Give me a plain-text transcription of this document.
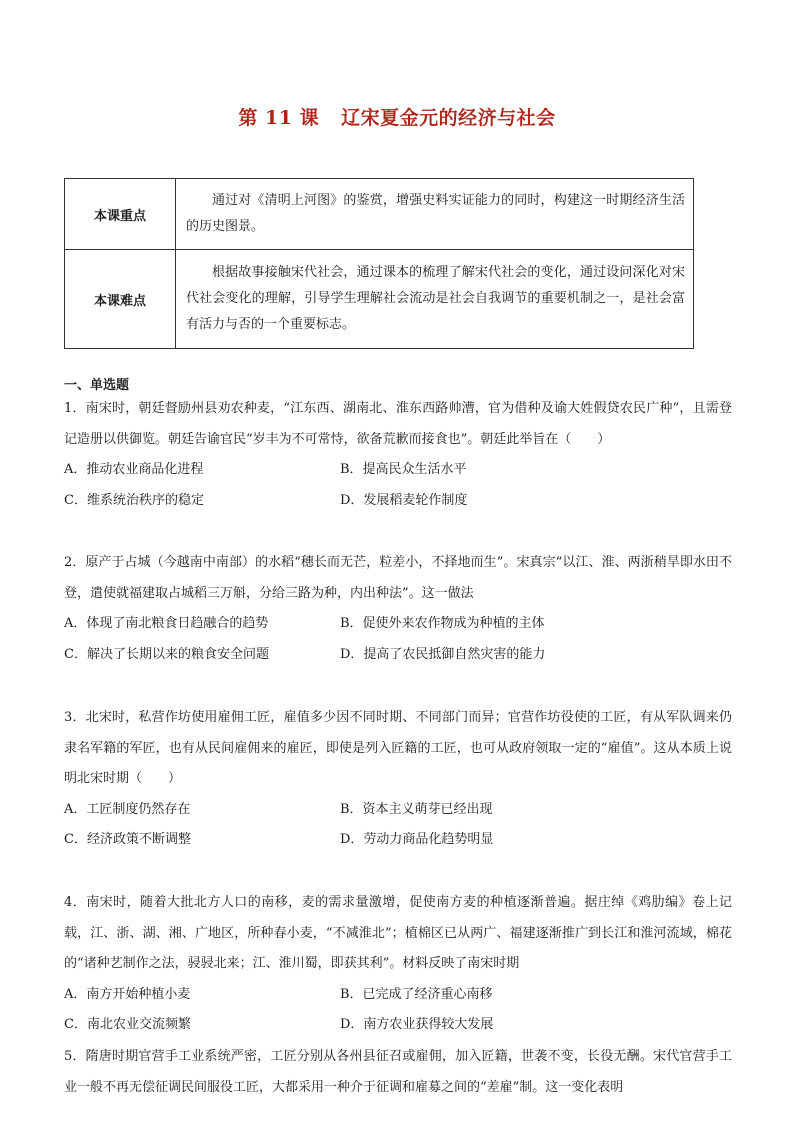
第 11 课 辽宋夏金元的经济与社会
本课重点	通过对《清明上河图》的鉴赏，增强史料实证能力的同时，构建这一时期经济生活的历史图景。
本课难点	根据故事接触宋代社会，通过课本的梳理了解宋代社会的变化，通过设问深化对宋代社会变化的理解，引导学生理解社会流动是社会自我调节的重要机制之一，是社会富有活力与否的一个重要标志。
一、单选题

1．南宋时，朝廷督励州县劝农种麦，“江东西、湖南北、淮东西路帅漕，官为借种及谕大姓假贷农民广种”，且需登记造册以供御览。朝廷告谕官民“岁丰为不可常恃，欲备荒歉而接食也”。朝廷此举旨在（　　）

A．推动农业商品化进程	B．提高民众生活水平
C．维系统治秩序的稳定	D．发展稻麦轮作制度

2．原产于占城（今越南中南部）的水稻“穗长而无芒，粒差小，不择地而生”。宋真宗“以江、淮、两浙稍旱即水田不登，遣使就福建取占城稻三万斛，分给三路为种，内出种法”。这一做法

A．体现了南北粮食日趋融合的趋势	B．促使外来农作物成为种植的主体
C．解决了长期以来的粮食安全问题	D．提高了农民抵御自然灾害的能力

3．北宋时，私营作坊使用雇佣工匠，雇值多少因不同时期、不同部门而异；官营作坊役使的工匠，有从军队调来仍隶名军籍的军匠，也有从民间雇佣来的雇匠，即使是列入匠籍的工匠，也可从政府领取一定的“雇值”。这从本质上说明北宋时期（　　）

A．工匠制度仍然存在	B．资本主义萌芽已经出现
C．经济政策不断调整	D．劳动力商品化趋势明显

4．南宋时，随着大批北方人口的南移，麦的需求量激增，促使南方麦的种植逐渐普遍。据庄绰《鸡肋编》卷上记载，江、浙、湖、湘、广地区，所种春小麦，“不减淮北”；植棉区已从两广、福建逐渐推广到长江和淮河流域，棉花的“诸种艺制作之法，骎骎北来；江、淮川蜀，即获其利”。材料反映了南宋时期

A．南方开始种植小麦	B．已完成了经济重心南移
C．南北农业交流频繁	D．南方农业获得较大发展

5．隋唐时期官营手工业系统严密，工匠分别从各州县征召或雇佣，加入匠籍，世袭不变，长役无酬。宋代官营手工业一般不再无偿征调民间服役工匠，大都采用一种介于征调和雇募之间的“差雇”制。这一变化表明
